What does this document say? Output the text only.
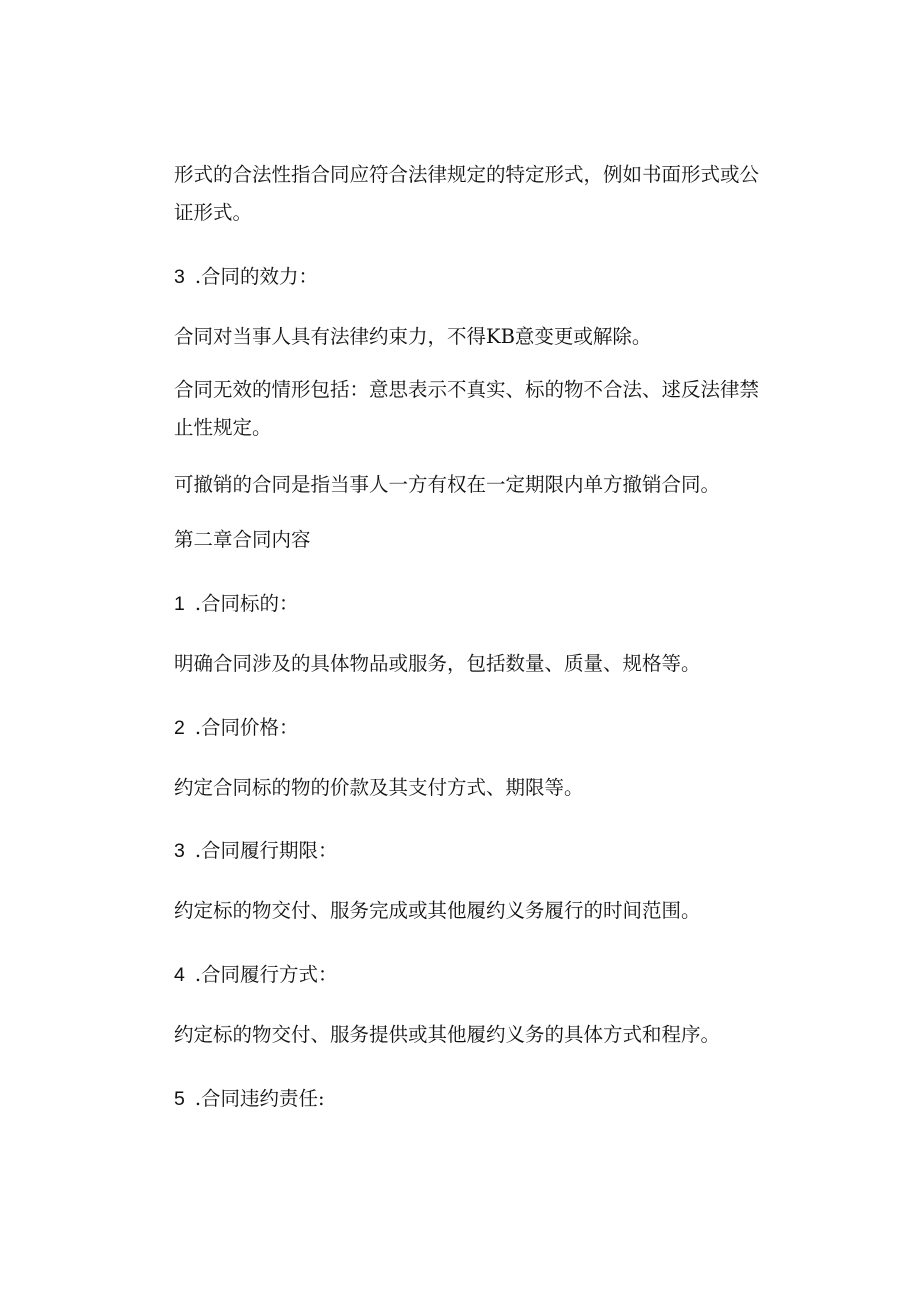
形式的合法性指合同应符合法律规定的特定形式，例如书面形式或公证形式。

3 .合同的效力：

合同对当事人具有法律约束力，不得KB意变更或解除。

合同无效的情形包括：意思表示不真实、标的物不合法、逑反法律禁止性规定。

可撤销的合同是指当事人一方有权在一定期限内单方撤销合同。

第二章合同内容

1 .合同标的：

明确合同涉及的具体物品或服务，包括数量、质量、规格等。

2 .合同价格：

约定合同标的物的价款及其支付方式、期限等。

3 .合同履行期限：

约定标的物交付、服务完成或其他履约义务履行的时间范围。

4 .合同履行方式：

约定标的物交付、服务提供或其他履约义务的具体方式和程序。

5 .合同违约责任:
